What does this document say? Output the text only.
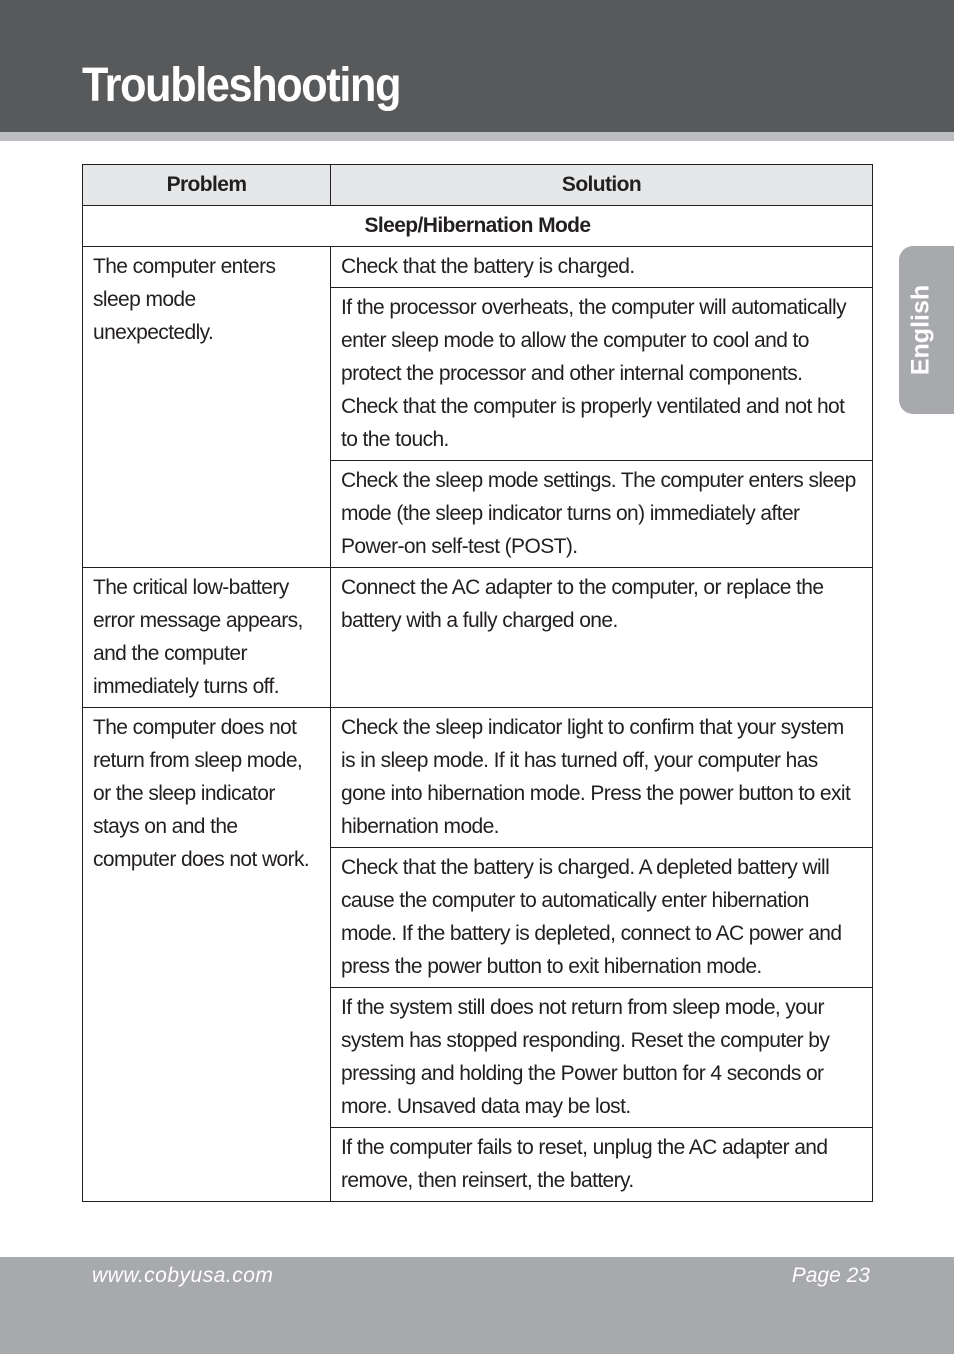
Troubleshooting
English
Problem	Solution
Sleep/Hibernation Mode	
The computer enters sleep mode unexpectedly.	Check that the battery is charged.
	If the processor overheats, the computer will automatically enter sleep mode to allow the computer to cool and to protect the processor and other internal components. Check that the computer is properly ventilated and not hot to the touch.
	Check the sleep mode settings. The computer enters sleep mode (the sleep indicator turns on) immediately after Power-on self-test (POST).
The critical low-battery error message appears, and the computer immediately turns off.	Connect the AC adapter to the computer, or replace the battery with a fully charged one.
The computer does not return from sleep mode, or the sleep indicator stays on and the computer does not work.	Check the sleep indicator light to confirm that your system is in sleep mode. If it has turned off, your computer has gone into hibernation mode. Press the power button to exit hibernation mode.
	Check that the battery is charged. A depleted battery will cause the computer to automatically enter hibernation mode. If the battery is depleted, connect to AC power and press the power button to exit hibernation mode.
	If the system still does not return from sleep mode, your system has stopped responding. Reset the computer by pressing and holding the Power button for 4 seconds or more. Unsaved data may be lost.
	If the computer fails to reset, unplug the AC adapter and remove, then reinsert, the battery.
www.cobyusa.com	Page 23
